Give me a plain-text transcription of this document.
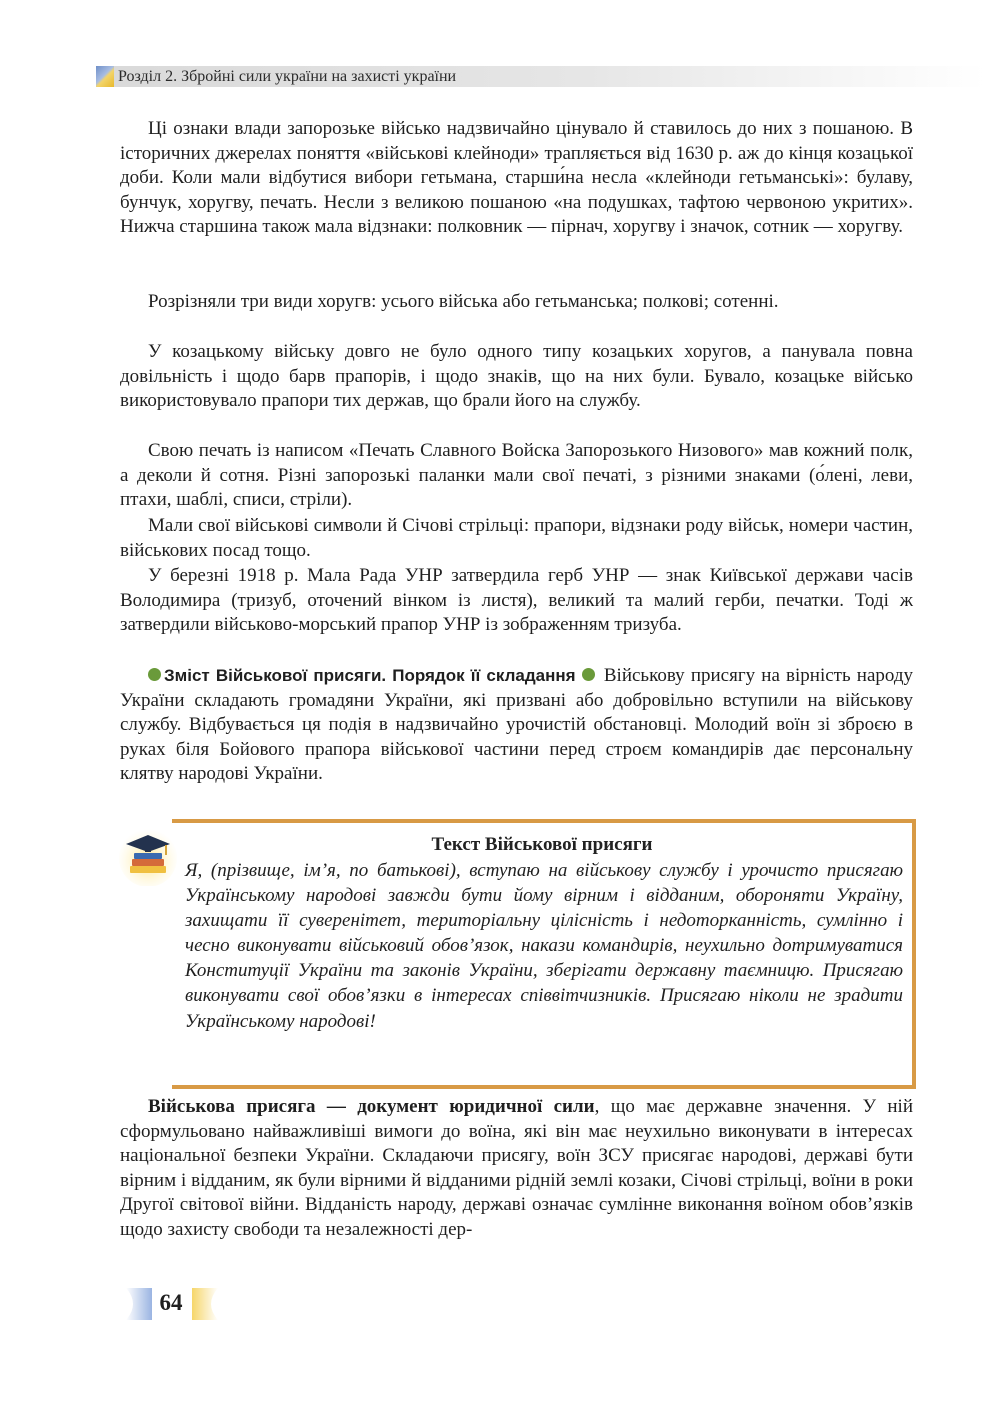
Розділ 2. Збройні сили україни на захисті україни

Ці ознаки влади запорозьке військо надзвичайно цінувало й ставилось до них з пошаною. В історичних джерелах поняття «військові клейноди» трапляється від 1630 р. аж до кінця козацької доби. Коли мали відбутися вибори гетьмана, старши́на несла «клейноди гетьманські»: булаву, бунчук, хоругву, печать. Несли з великою пошаною «на подушках, тафтою червоною укритих». Нижча старшина також мала відзнаки: полковник — пірнач, хоругву і значок, сотник — хоругву.

Розрізняли три види хоругв: усього війська або гетьманська; полкові; сотенні.

У козацькому війську довго не було одного типу козацьких хоругов, а панувала повна довільність і щодо барв прапорів, і щодо знаків, що на них були. Бувало, козацьке військо використовувало прапори тих держав, що брали його на службу.

Свою печать із написом «Печать Славного Войска Запорозького Низового» мав кожний полк, а деколи й сотня. Різні запорозькі паланки мали свої печаті, з різними знаками (о́лені, леви, птахи, шаблі, списи, стріли).

Мали свої військові символи й Січові стрільці: прапори, відзнаки роду військ, номери частин, військових посад тощо.

У березні 1918 р. Мала Рада УНР затвердила герб УНР — знак Київської держави часів Володимира (тризуб, оточений вінком із листя), великий та малий герби, печатки. Тоді ж затвердили військово-морський прапор УНР із зображенням тризуба.

Зміст Військової присяги. Порядок її складання  Військову присягу на вірність народу України складають громадяни України, які призвані або добровільно вступили на військову службу. Відбувається ця подія в надзвичайно урочистій обстановці. Молодий воїн зі зброєю в руках біля Бойового прапора військової частини перед строєм командирів дає персональну клятву народові України.

Текст Військової присяги

Я, (прізвище, ім’я, по батькові), вступаю на військову службу і урочисто присягаю Українському народові завжди бути йому вірним і відданим, обороняти Україну, захищати її суверенітет, територіальну цілісність і недоторканність, сумлінно і чесно виконувати військовий обов’язок, накази командирів, неухильно дотримуватися Конституції України та законів України, зберігати державну таємницю. Присягаю виконувати свої обов’язки в інтересах співвітчизників. Присягаю ніколи не зрадити Українському народові!

Військова присяга — документ юридичної сили, що має державне значення. У ній сформульовано найважливіші вимоги до воїна, які він має неухильно виконувати в інтересах національної безпеки України. Складаючи присягу, воїн ЗСУ присягає народові, державі бути вірним і відданим, як були вірними й відданими рідній землі козаки, Січові стрільці, воїни в роки Другої світової війни. Відданість народу, державі означає сумлінне виконання воїном обов’язків щодо захисту свободи та незалежності дер-

64
